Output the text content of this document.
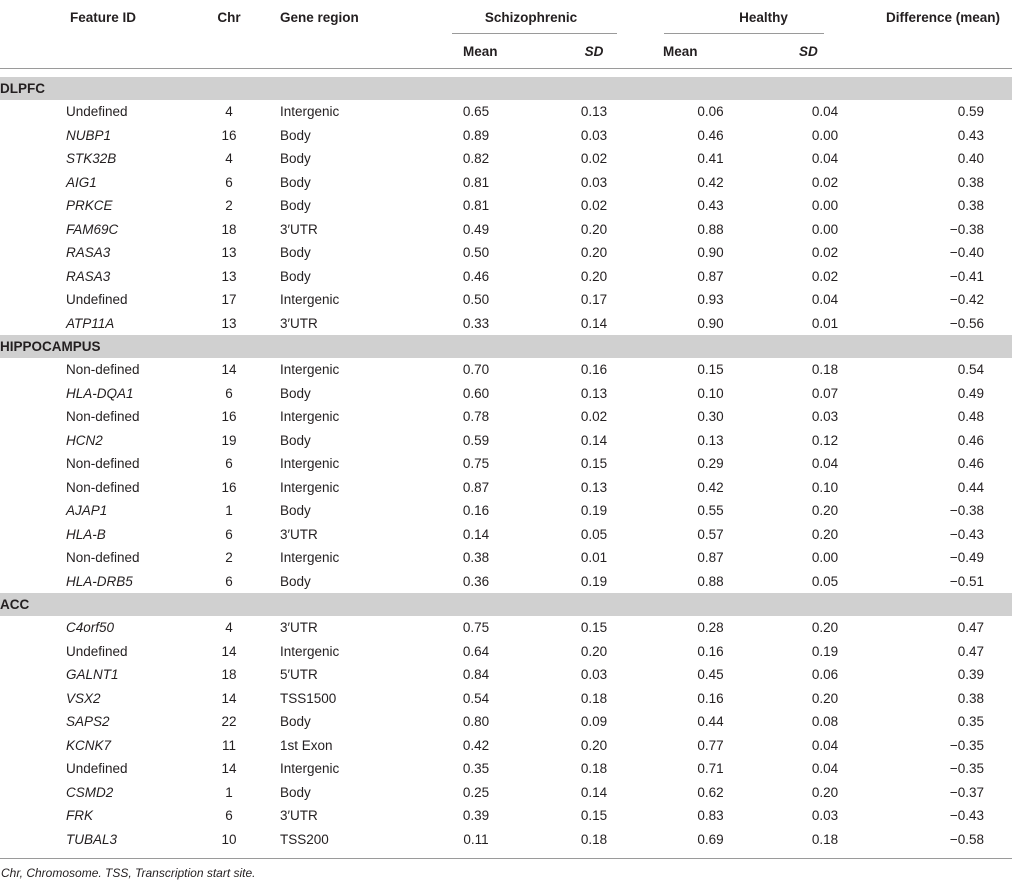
Feature ID	Chr	Gene region	Schizophrenic		Healthy		Difference (mean)
			Mean	SD	Mean	SD	

DLPFC							
Undefined	4	Intergenic	0.65	0.13	0.06	0.04	0.59
NUBP1	16	Body	0.89	0.03	0.46	0.00	0.43
STK32B	4	Body	0.82	0.02	0.41	0.04	0.40
AIG1	6	Body	0.81	0.03	0.42	0.02	0.38
PRKCE	2	Body	0.81	0.02	0.43	0.00	0.38
FAM69C	18	3′UTR	0.49	0.20	0.88	0.00	−0.38
RASA3	13	Body	0.50	0.20	0.90	0.02	−0.40
RASA3	13	Body	0.46	0.20	0.87	0.02	−0.41
Undefined	17	Intergenic	0.50	0.17	0.93	0.04	−0.42
ATP11A	13	3′UTR	0.33	0.14	0.90	0.01	−0.56
HIPPOCAMPUS							
Non-defined	14	Intergenic	0.70	0.16	0.15	0.18	0.54
HLA-DQA1	6	Body	0.60	0.13	0.10	0.07	0.49
Non-defined	16	Intergenic	0.78	0.02	0.30	0.03	0.48
HCN2	19	Body	0.59	0.14	0.13	0.12	0.46
Non-defined	6	Intergenic	0.75	0.15	0.29	0.04	0.46
Non-defined	16	Intergenic	0.87	0.13	0.42	0.10	0.44
AJAP1	1	Body	0.16	0.19	0.55	0.20	−0.38
HLA-B	6	3′UTR	0.14	0.05	0.57	0.20	−0.43
Non-defined	2	Intergenic	0.38	0.01	0.87	0.00	−0.49
HLA-DRB5	6	Body	0.36	0.19	0.88	0.05	−0.51
ACC							
C4orf50	4	3′UTR	0.75	0.15	0.28	0.20	0.47
Undefined	14	Intergenic	0.64	0.20	0.16	0.19	0.47
GALNT1	18	5′UTR	0.84	0.03	0.45	0.06	0.39
VSX2	14	TSS1500	0.54	0.18	0.16	0.20	0.38
SAPS2	22	Body	0.80	0.09	0.44	0.08	0.35
KCNK7	11	1st Exon	0.42	0.20	0.77	0.04	−0.35
Undefined	14	Intergenic	0.35	0.18	0.71	0.04	−0.35
CSMD2	1	Body	0.25	0.14	0.62	0.20	−0.37
FRK	6	3′UTR	0.39	0.15	0.83	0.03	−0.43
TUBAL3	10	TSS200	0.11	0.18	0.69	0.18	−0.58
Chr, Chromosome. TSS, Transcription start site.
